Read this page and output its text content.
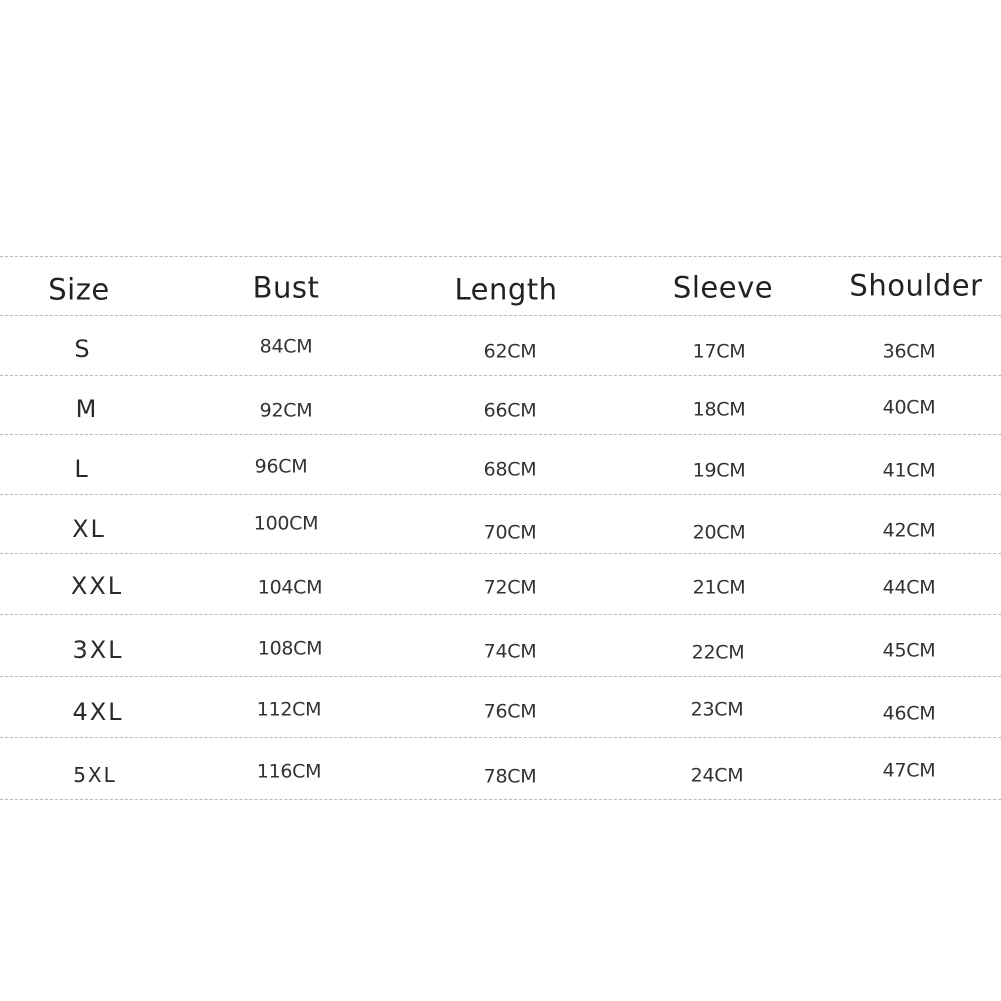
Size	Bust	Length	Sleeve	Shoulder
S	84CM	62CM	17CM	36CM
M	92CM	66CM	18CM	40CM
L	96CM	68CM	19CM	41CM
XL	100CM	70CM	20CM	42CM
XXL	104CM	72CM	21CM	44CM
3XL	108CM	74CM	22CM	45CM
4XL	112CM	76CM	23CM	46CM
5XL	116CM	78CM	24CM	47CM
